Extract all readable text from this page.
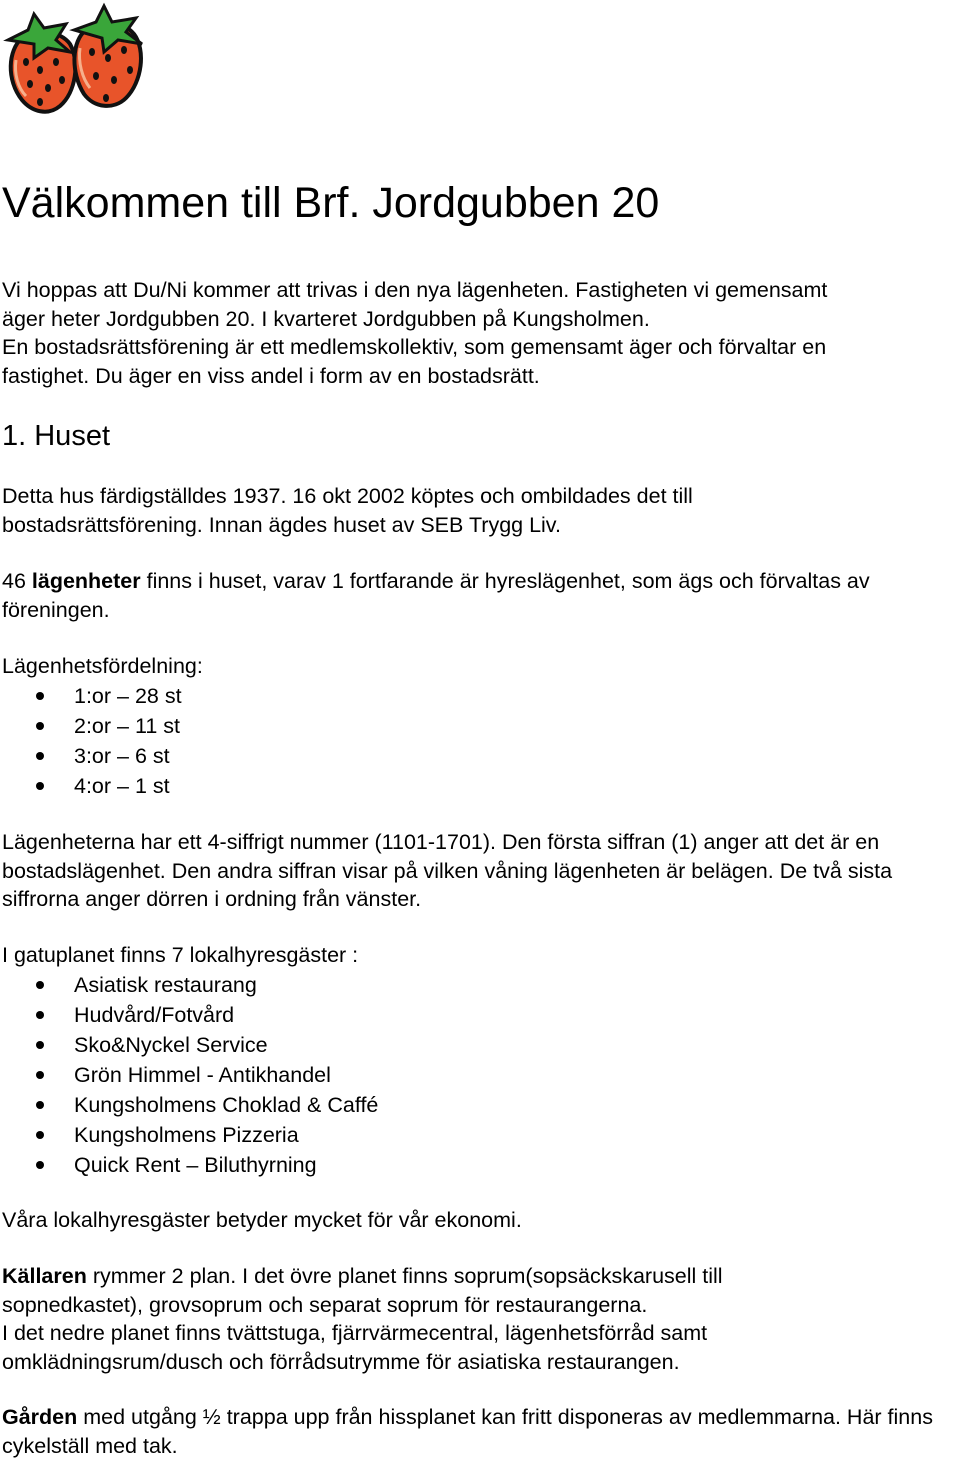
Välkommen till Brf. Jordgubben 20

Vi hoppas att Du/Ni kommer att trivas i den nya lägenheten. Fastigheten vi gemensamt

äger heter Jordgubben 20. I kvarteret Jordgubben på Kungsholmen.

En bostadsrättsförening är ett medlemskollektiv, som gemensamt äger och förvaltar en

fastighet. Du äger en viss andel i form av en bostadsrätt.

1. Huset

Detta hus färdigställdes 1937. 16 okt 2002 köptes och ombildades det till bostadsrättsförening. Innan ägdes huset av SEB Trygg Liv.

46 lägenheter finns i huset, varav 1 fortfarande är hyreslägenhet, som ägs och förvaltas av föreningen.

Lägenhetsfördelning:

1:or – 28 st
2:or – 11 st
3:or – 6 st
4:or – 1 st

Lägenheterna har ett 4-siffrigt nummer (1101-1701). Den första siffran (1) anger att det är en bostadslägenhet. Den andra siffran visar på vilken våning lägenheten är belägen. De två sista siffrorna anger dörren i ordning från vänster.

I gatuplanet finns 7 lokalhyresgäster :

Asiatisk restaurang
Hudvård/Fotvård
Sko&Nyckel Service
Grön Himmel - Antikhandel
Kungsholmens Choklad & Caffé
Kungsholmens Pizzeria
Quick Rent – Biluthyrning

Våra lokalhyresgäster betyder mycket för vår ekonomi.

Källaren rymmer 2 plan. I det övre planet finns soprum(sopsäckskarusell till sopnedkastet), grovsoprum och separat soprum för restaurangerna.

I det nedre planet finns tvättstuga, fjärrvärmecentral, lägenhetsförråd samt omklädningsrum/dusch och förrådsutrymme för asiatiska restaurangen.

Gården med utgång ½ trappa upp från hissplanet kan fritt disponeras av medlemmarna. Här finns cykelställ med tak.
